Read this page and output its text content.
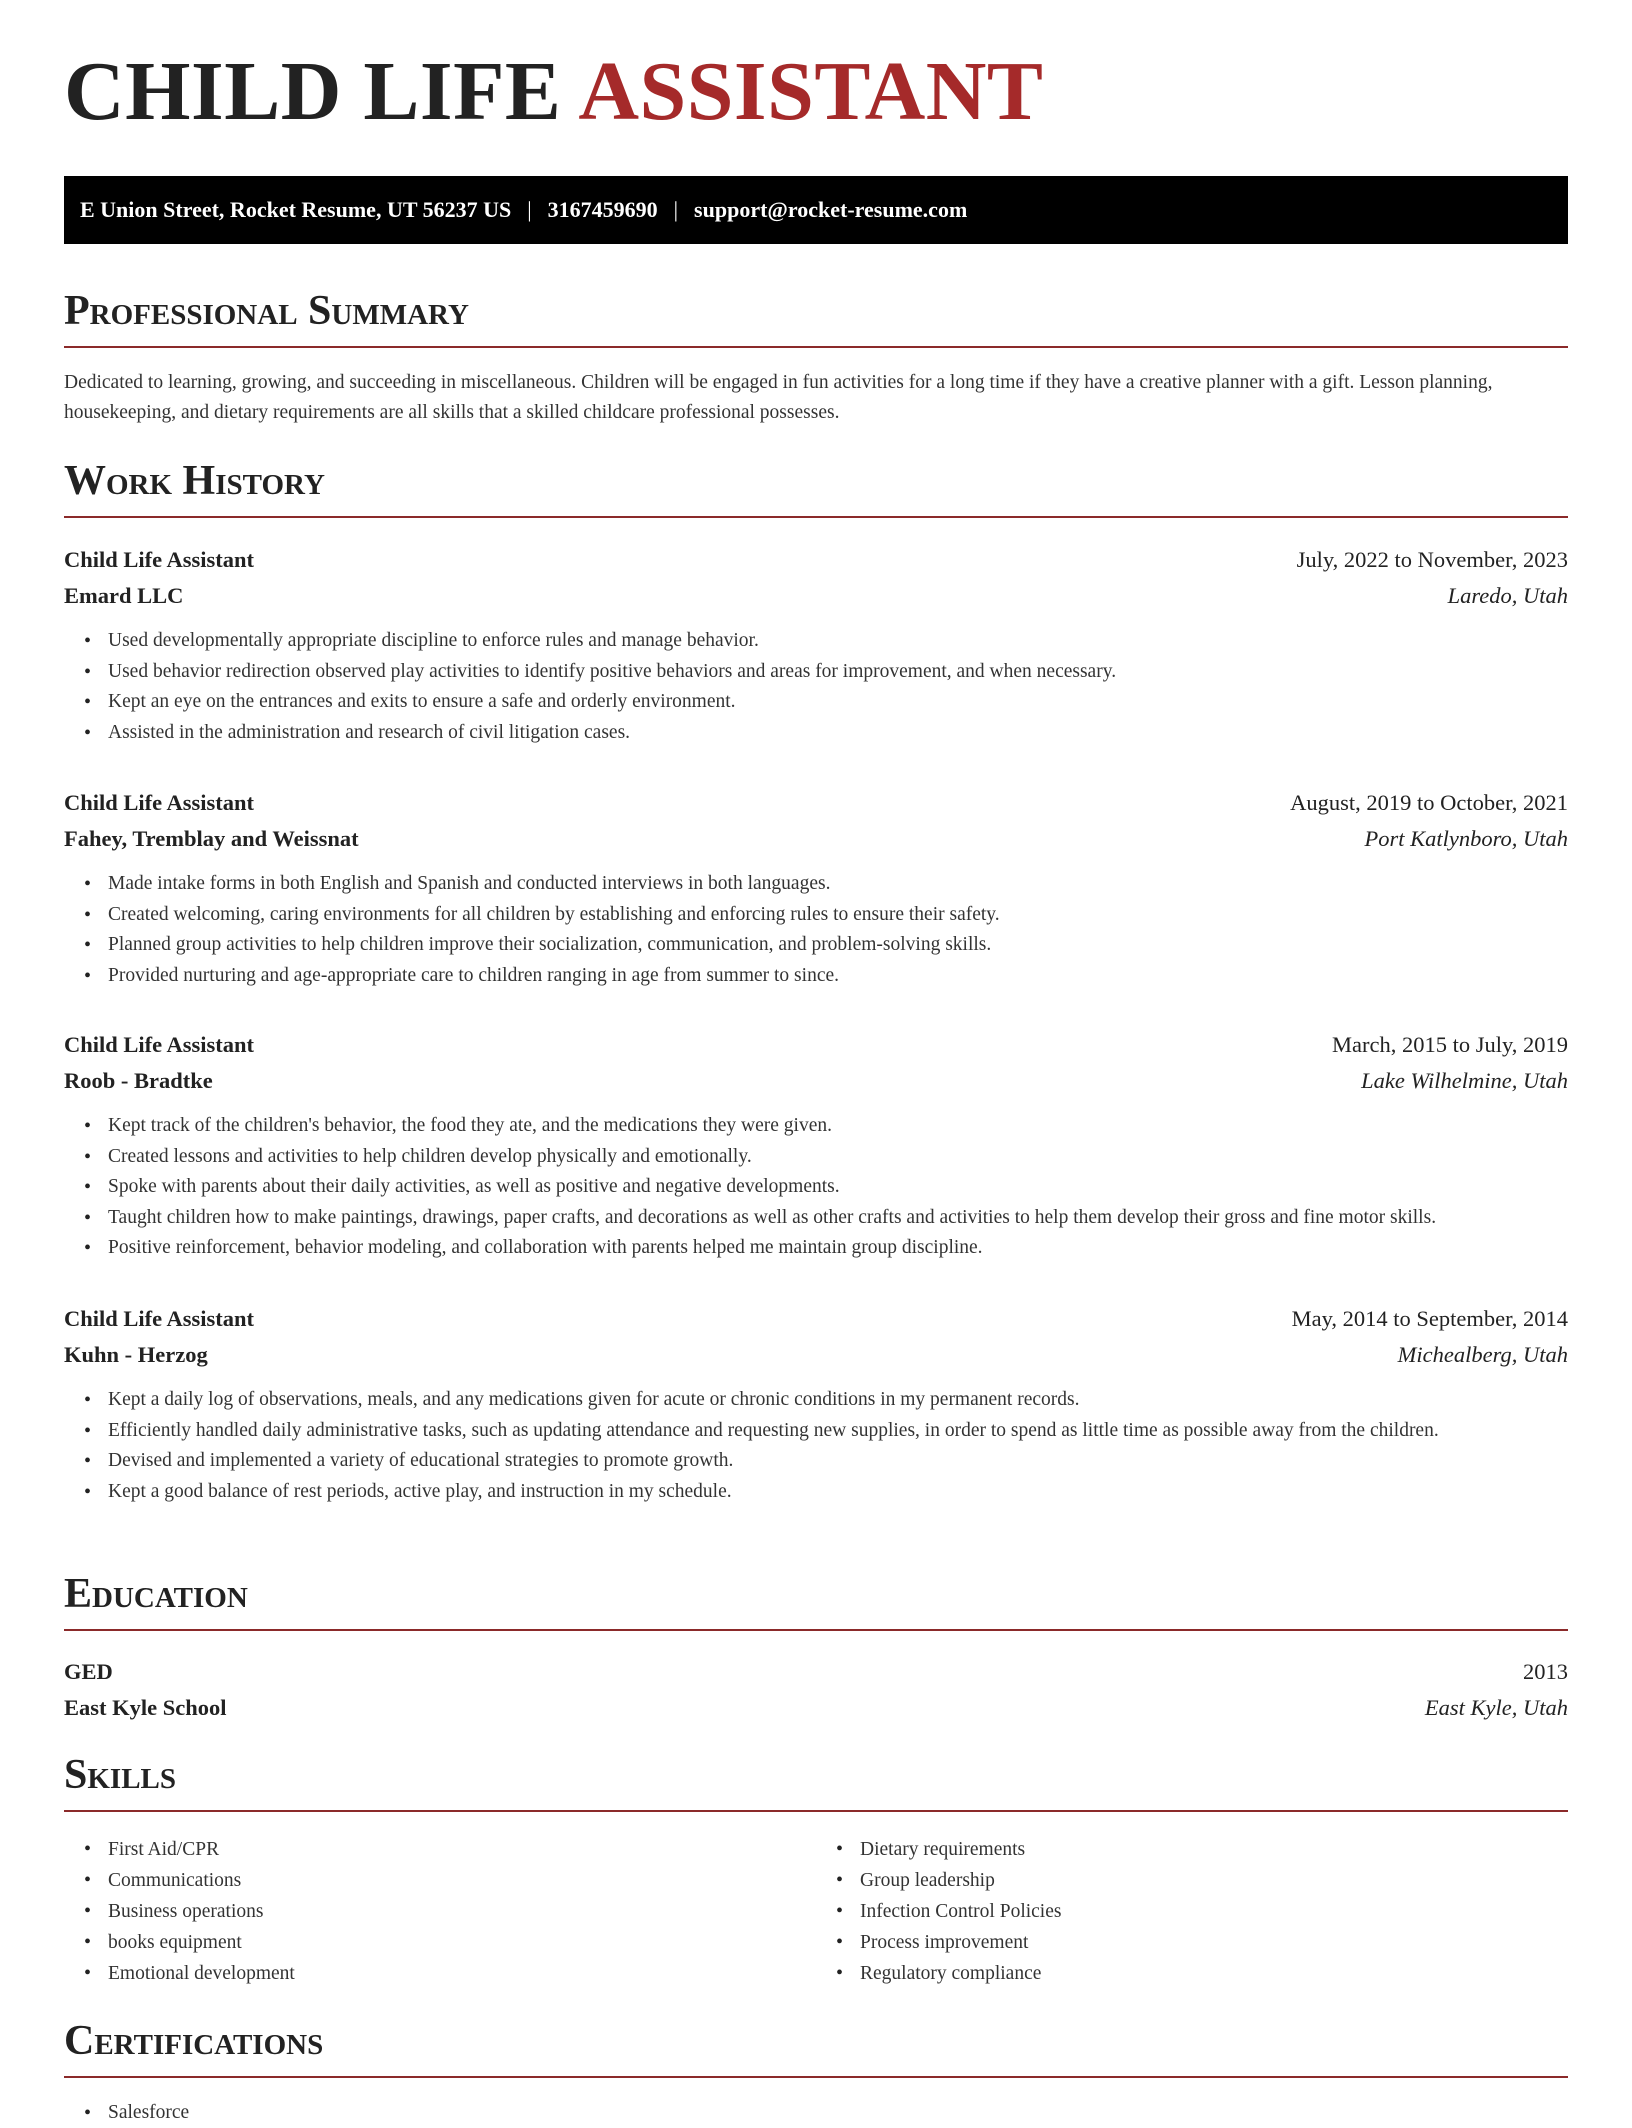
CHILD LIFE ASSISTANT
E Union Street, Rocket Resume, UT 56237 US | 3167459690 | support@rocket-resume.com
Professional Summary
Dedicated to learning, growing, and succeeding in miscellaneous. Children will be engaged in fun activities for a long time if they have a creative planner with a gift. Lesson planning, housekeeping, and dietary requirements are all skills that a skilled childcare professional possesses.
Work History
Child Life Assistant	July, 2022 to November, 2023
Emard LLC	Laredo, Utah
• Used developmentally appropriate discipline to enforce rules and manage behavior.
• Used behavior redirection observed play activities to identify positive behaviors and areas for improvement, and when necessary.
• Kept an eye on the entrances and exits to ensure a safe and orderly environment.
• Assisted in the administration and research of civil litigation cases.
Child Life Assistant	August, 2019 to October, 2021
Fahey, Tremblay and Weissnat	Port Katlynboro, Utah
• Made intake forms in both English and Spanish and conducted interviews in both languages.
• Created welcoming, caring environments for all children by establishing and enforcing rules to ensure their safety.
• Planned group activities to help children improve their socialization, communication, and problem-solving skills.
• Provided nurturing and age-appropriate care to children ranging in age from summer to since.
Child Life Assistant	March, 2015 to July, 2019
Roob - Bradtke	Lake Wilhelmine, Utah
• Kept track of the children's behavior, the food they ate, and the medications they were given.
• Created lessons and activities to help children develop physically and emotionally.
• Spoke with parents about their daily activities, as well as positive and negative developments.
• Taught children how to make paintings, drawings, paper crafts, and decorations as well as other crafts and activities to help them develop their gross and fine motor skills.
• Positive reinforcement, behavior modeling, and collaboration with parents helped me maintain group discipline.
Child Life Assistant	May, 2014 to September, 2014
Kuhn - Herzog	Michealberg, Utah
• Kept a daily log of observations, meals, and any medications given for acute or chronic conditions in my permanent records.
• Efficiently handled daily administrative tasks, such as updating attendance and requesting new supplies, in order to spend as little time as possible away from the children.
• Devised and implemented a variety of educational strategies to promote growth.
• Kept a good balance of rest periods, active play, and instruction in my schedule.
Education
GED	2013
East Kyle School	East Kyle, Utah
Skills
• First Aid/CPR
• Communications
• Business operations
• books equipment
• Emotional development
• Dietary requirements
• Group leadership
• Infection Control Policies
• Process improvement
• Regulatory compliance
Certifications
• Salesforce
